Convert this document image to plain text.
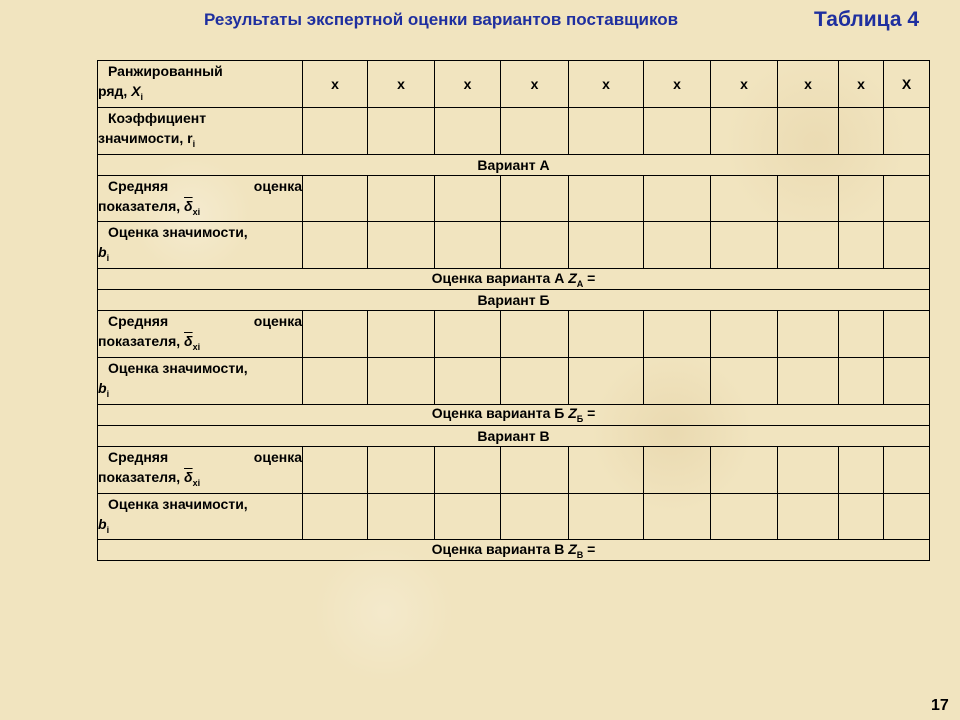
Результаты экспертной оценки вариантов поставщиков	Таблица 4
Ранжированный
ряд, $X_i$	x	x	x	x	x	x	x	x	x	X

Коэффициент
значимости, $r_i$										
Вариант А										

Средняя оценка
показателя, $\overline{\delta}_{xi}$										

Оценка значимости,
$b_i$										
Оценка варианта А $Z_А$ =										
Вариант Б										

Средняя оценка
показателя, $\overline{\delta}_{xi}$										

Оценка значимости,
$b_i$										
Оценка варианта Б $Z_Б$ =										
Вариант В										

Средняя оценка
показателя, $\overline{\delta}_{xi}$										

Оценка значимости,
$b_i$										
Оценка варианта В $Z_В$ =										
17
